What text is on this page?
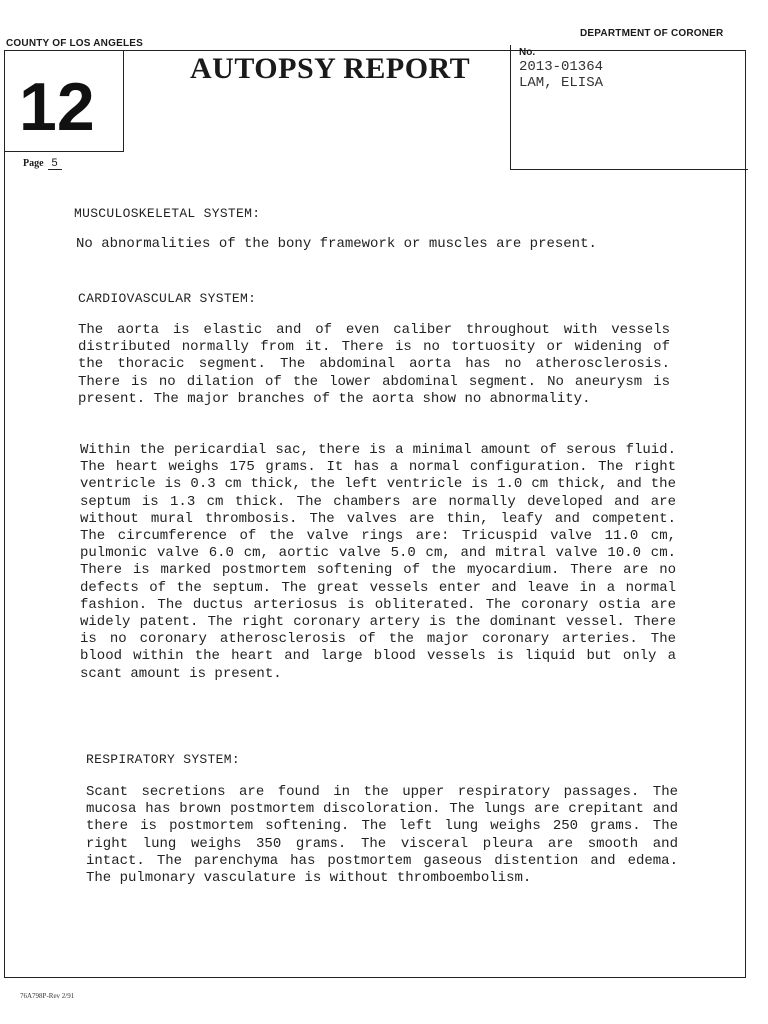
COUNTY OF LOS ANGELES
DEPARTMENT OF CORONER
12
AUTOPSY REPORT	No.
2013-01364
LAM, ELISA
Page 5
MUSCULOSKELETAL SYSTEM:
No abnormalities of the bony framework or muscles are present.
CARDIOVASCULAR SYSTEM:
The aorta is elastic and of even caliber throughout with vessels distributed normally from it. There is no tortuosity or widening of the thoracic segment. The abdominal aorta has no atherosclerosis. There is no dilation of the lower abdominal segment. No aneurysm is present. The major branches of the aorta show no abnormality.
Within the pericardial sac, there is a minimal amount of serous fluid. The heart weighs 175 grams. It has a normal configuration. The right ventricle is 0.3 cm thick, the left ventricle is 1.0 cm thick, and the septum is 1.3 cm thick. The chambers are normally developed and are without mural thrombosis. The valves are thin, leafy and competent. The circumference of the valve rings are: Tricuspid valve 11.0 cm, pulmonic valve 6.0 cm, aortic valve 5.0 cm, and mitral valve 10.0 cm. There is marked postmortem softening of the myocardium. There are no defects of the septum. The great vessels enter and leave in a normal fashion. The ductus arteriosus is obliterated. The coronary ostia are widely patent. The right coronary artery is the dominant vessel. There is no coronary atherosclerosis of the major coronary arteries. The blood within the heart and large blood vessels is liquid but only a scant amount is present.
RESPIRATORY SYSTEM:
Scant secretions are found in the upper respiratory passages. The mucosa has brown postmortem discoloration. The lungs are crepitant and there is postmortem softening. The left lung weighs 250 grams. The right lung weighs 350 grams. The visceral pleura are smooth and intact. The parenchyma has postmortem gaseous distention and edema. The pulmonary vasculature is without thromboembolism.
76A798P-Rev 2/91
